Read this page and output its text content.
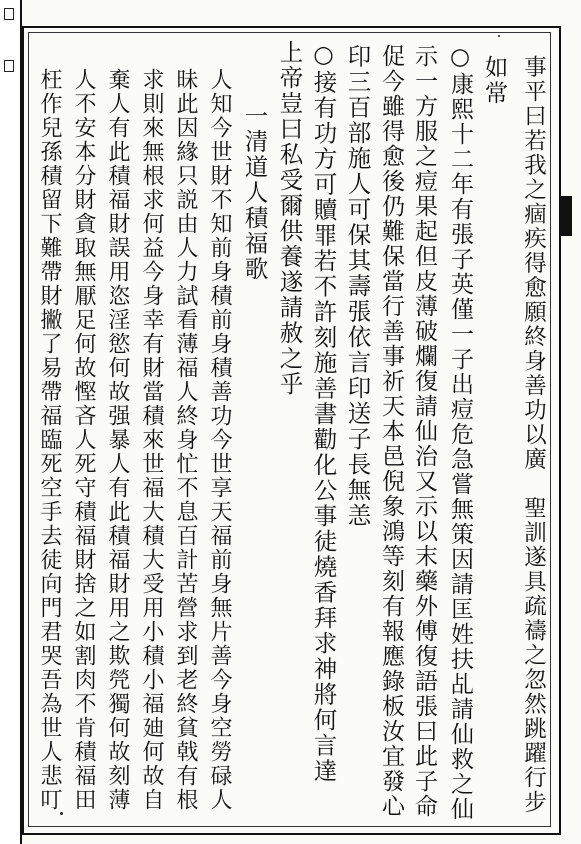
事平曰若我之痼疾得愈願終身善功以廣　聖訓遂具疏禱之忽然跳躍行步
如常
○康熙十二年有張子英僅一子出痘危急嘗無策因請匡姓扶乩請仙救之仙
示一方服之痘果起但皮薄破爛復請仙治又示以末藥外傅復語張曰此子命
促今雖得愈後仍難保當行善事祈天本邑倪象鴻等刻有報應錄板汝宜發心
印三百部施人可保其壽張依言印送子長無恙
○接有功方可贖罪若不許刻施善書勸化公事徒燒香拜求神將何言達
上帝豈曰私受爾供養遂請赦之乎
　一清道人積福歌
人知今世財不知前身積前身積善功今世享天福前身無片善今身空勞碌人
昧此因緣只説由人力試看薄福人終身忙不息百計苦營求到老終貧戟有根
求則來無根求何益今身幸有財當積來世福大積大受用小積小福廸何故自
棄人有此積福財誤用恣淫慾何故强暴人有此積福財用之欺焭獨何故刻薄
人不安本分財貪取無厭足何故慳吝人死守積福財捨之如割肉不肯積福田
枉作兒孫積留下難帶財撇了易帶福臨死空手去徒向門君哭吾為世人悲叮
